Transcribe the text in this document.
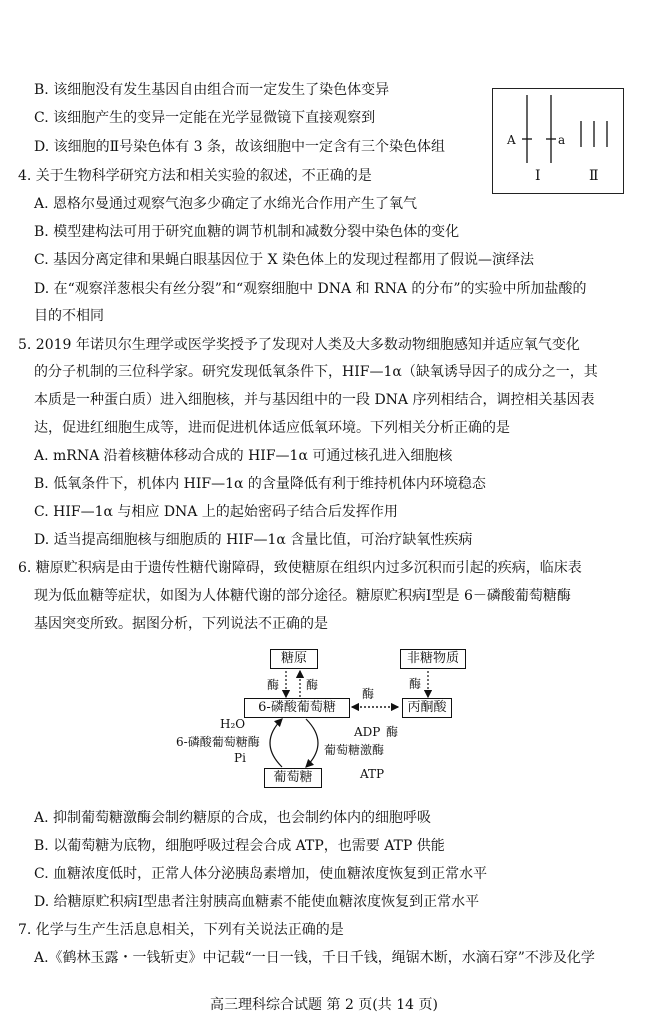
B. 该细胞没有发生基因自由组合而一定发生了染色体变异
C. 该细胞产生的变异一定能在光学显微镜下直接观察到
D. 该细胞的Ⅱ号染色体有 3 条，故该细胞中一定含有三个染色体组	A	a
Ⅰ	Ⅱ
4. 关于生物科学研究方法和相关实验的叙述，不正确的是
A. 恩格尔曼通过观察气泡多少确定了水绵光合作用产生了氧气
B. 模型建构法可用于研究血糖的调节机制和减数分裂中染色体的变化
C. 基因分离定律和果蝇白眼基因位于 X 染色体上的发现过程都用了假说—演绎法
D. 在“观察洋葱根尖有丝分裂”和“观察细胞中 DNA 和 RNA 的分布”的实验中所加盐酸的
目的不相同
5. 2019 年诺贝尔生理学或医学奖授予了发现对人类及大多数动物细胞感知并适应氧气变化
的分子机制的三位科学家。研究发现低氧条件下，HIF—1α（缺氧诱导因子的成分之一，其
本质是一种蛋白质）进入细胞核，并与基因组中的一段 DNA 序列相结合，调控相关基因表
达，促进红细胞生成等，进而促进机体适应低氧环境。下列相关分析正确的是
A. mRNA 沿着核糖体移动合成的 HIF—1α 可通过核孔进入细胞核
B. 低氧条件下，机体内 HIF—1α 的含量降低有利于维持机体内环境稳态
C. HIF—1α 与相应 DNA 上的起始密码子结合后发挥作用
D. 适当提高细胞核与细胞质的 HIF—1α 含量比值，可治疗缺氧性疾病
6. 糖原贮积病是由于遗传性糖代谢障碍，致使糖原在组织内过多沉积而引起的疾病，临床表
现为低血糖等症状，如图为人体糖代谢的部分途径。糖原贮积病Ⅰ型是 6－磷酸葡萄糖酶
基因突变所致。据图分析，下列说法不正确的是
糖原	非糖物质
6-磷酸葡萄糖	丙酮酸
葡萄糖
酶 酶	酶
酶
H₂O
6-磷酸葡萄糖酶
Pi
ADP 酶
葡萄糖激酶
ATP
A. 抑制葡萄糖激酶会制约糖原的合成，也会制约体内的细胞呼吸
B. 以葡萄糖为底物，细胞呼吸过程会合成 ATP，也需要 ATP 供能
C. 血糖浓度低时，正常人体分泌胰岛素增加，使血糖浓度恢复到正常水平
D. 给糖原贮积病Ⅰ型患者注射胰高血糖素不能使血糖浓度恢复到正常水平
7. 化学与生产生活息息相关，下列有关说法正确的是
A.《鹤林玉露・一钱斩吏》中记载“一日一钱，千日千钱，绳锯木断，水滴石穿”不涉及化学
高三理科综合试题 第 2 页(共 14 页)
